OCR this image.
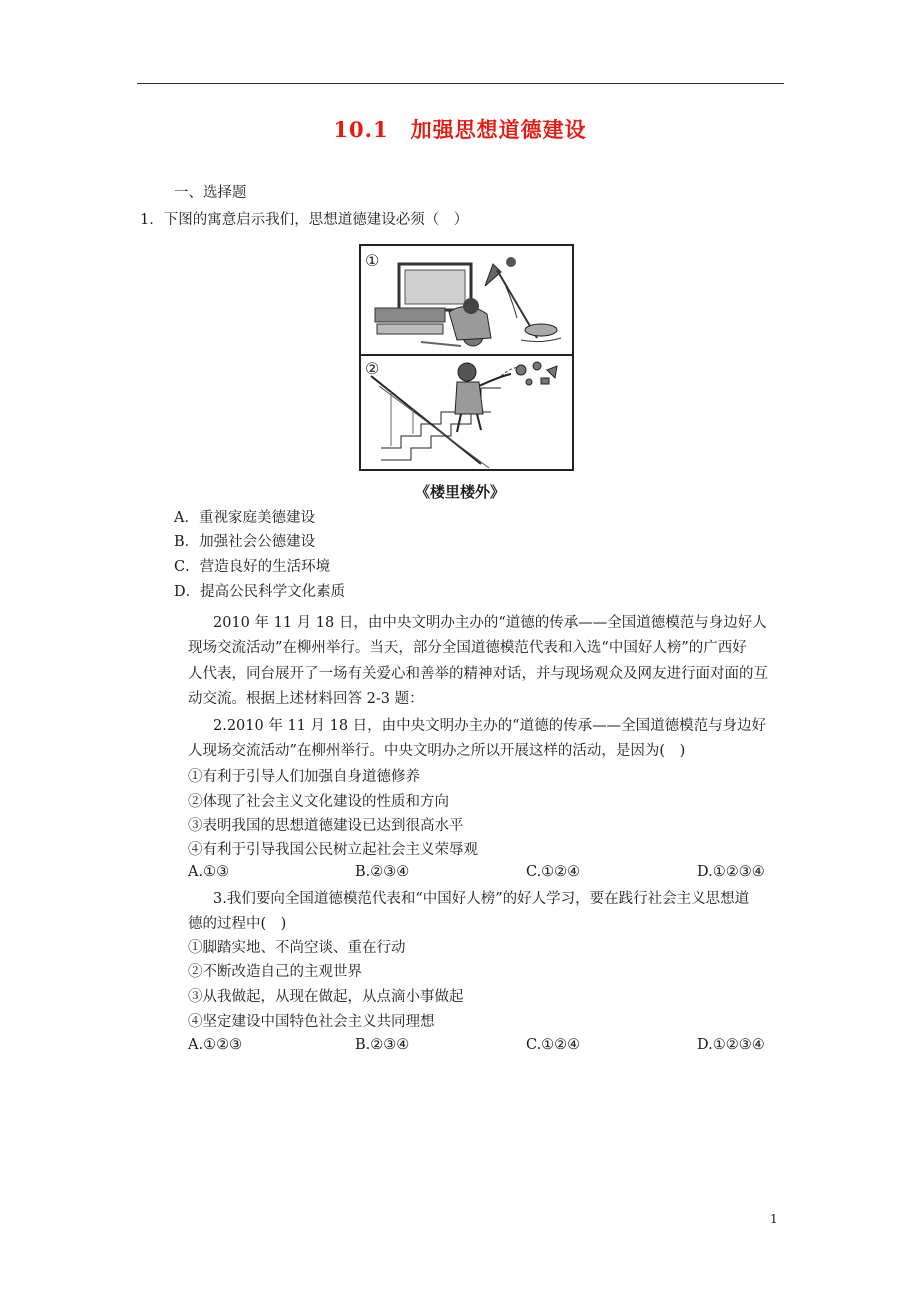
10.1　加强思想道德建设
一、选择题
1．下图的寓意启示我们，思想道德建设必须（　）
①
②
《楼里楼外》
A．重视家庭美德建设
B．加强社会公德建设
C．营造良好的生活环境
D．提高公民科学文化素质
2010 年 11 月 18 日，由中央文明办主办的“道德的传承——全国道德模范与身边好人
现场交流活动”在柳州举行。当天，部分全国道德模范代表和入选“中国好人榜”的广西好
人代表，同台展开了一场有关爱心和善举的精神对话，并与现场观众及网友进行面对面的互
动交流。根据上述材料回答 2-3 题：
2.2010 年 11 月 18 日，由中央文明办主办的“道德的传承——全国道德模范与身边好
人现场交流活动”在柳州举行。中央文明办之所以开展这样的活动，是因为(　)
①有利于引导人们加强自身道德修养
②体现了社会主义文化建设的性质和方向
③表明我国的思想道德建设已达到很高水平
④有利于引导我国公民树立起社会主义荣辱观
A.①③	B.②③④	C.①②④	D.①②③④
3.我们要向全国道德模范代表和“中国好人榜”的好人学习，要在践行社会主义思想道
德的过程中(　)
①脚踏实地、不尚空谈、重在行动
②不断改造自己的主观世界
③从我做起，从现在做起，从点滴小事做起
④坚定建设中国特色社会主义共同理想
A.①②③	B.②③④	C.①②④	D.①②③④
1
